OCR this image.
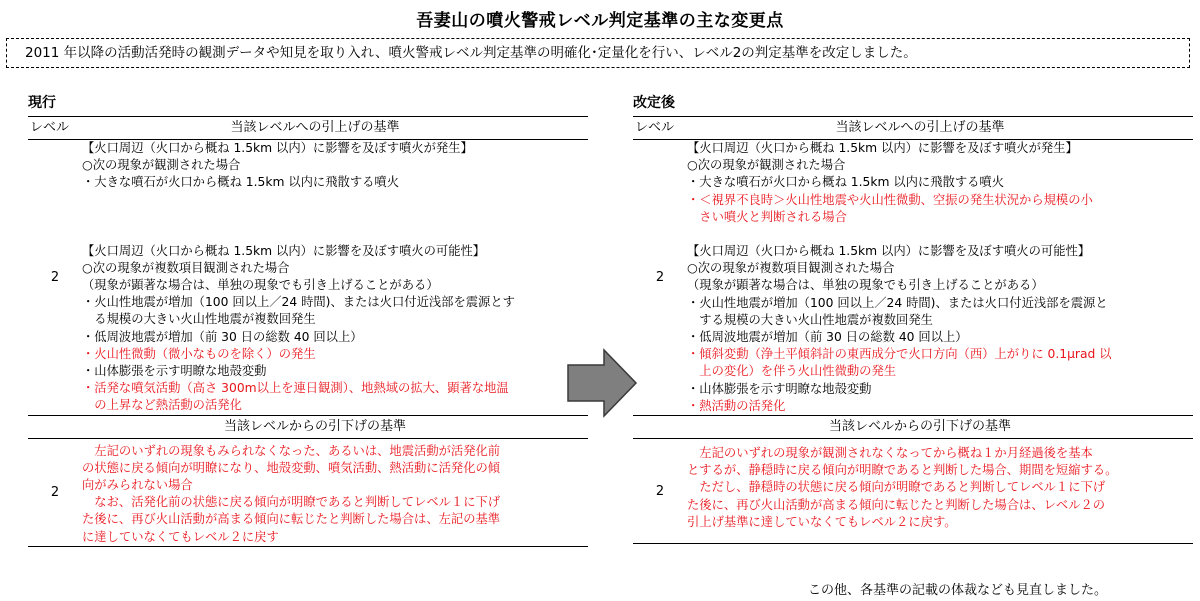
吾妻山の噴火警戒レベル判定基準の主な変更点
2011 年以降の活動活発時の観測データや知見を取り入れ、噴火警戒レベル判定基準の明確化･定量化を行い、レベル2の判定基準を改定しました。
現行
レベル	当該レベルへの引上げの基準
2
【火口周辺（火口から概ね 1.5km 以内）に影響を及ぼす噴火が発生】
○次の現象が観測された場合
・大きな噴石が火口から概ね 1.5km 以内に飛散する噴火
【火口周辺（火口から概ね 1.5km 以内）に影響を及ぼす噴火の可能性】
○次の現象が複数項目観測された場合
（現象が顕著な場合は、単独の現象でも引き上げることがある）
・火山性地震が増加（100 回以上／24 時間)、または火口付近浅部を震源とす
　る規模の大きい火山性地震が複数回発生
・低周波地震が増加（前 30 日の総数 40 回以上）
・火山性微動（微小なものを除く）の発生
・山体膨張を示す明瞭な地殻変動
・活発な噴気活動（高さ 300m以上を連日観測）、地熱域の拡大、顕著な地温
　の上昇など熱活動の活発化
当該レベルからの引下げの基準
2
　左記のいずれの現象もみられなくなった、あるいは、地震活動が活発化前
の状態に戻る傾向が明瞭になり、地殻変動、噴気活動、熱活動に活発化の傾
向がみられない場合
　なお、活発化前の状態に戻る傾向が明瞭であると判断してレベル１に下げ
た後に、再び火山活動が高まる傾向に転じたと判断した場合は、左記の基準
に達していなくてもレベル２に戻す
改定後
レベル	当該レベルへの引上げの基準
2
【火口周辺（火口から概ね 1.5km 以内）に影響を及ぼす噴火が発生】
○次の現象が観測された場合
・大きな噴石が火口から概ね 1.5km 以内に飛散する噴火
・＜視界不良時＞火山性地震や火山性微動、空振の発生状況から規模の小
　さい噴火と判断される場合
【火口周辺（火口から概ね 1.5km 以内）に影響を及ぼす噴火の可能性】
○次の現象が複数項目観測された場合
（現象が顕著な場合は、単独の現象でも引き上げることがある）
・火山性地震が増加（100 回以上／24 時間)、または火口付近浅部を震源と
　する規模の大きい火山性地震が複数回発生
・低周波地震が増加（前 30 日の総数 40 回以上）
・傾斜変動（浄土平傾斜計の東西成分で火口方向（西）上がりに 0.1μrad 以
　上の変化）を伴う火山性微動の発生
・山体膨張を示す明瞭な地殻変動
・熱活動の活発化
当該レベルからの引下げの基準
2
　左記のいずれの現象が観測されなくなってから概ね１か月経過後を基本
とするが、静穏時に戻る傾向が明瞭であると判断した場合、期間を短縮する。
　ただし、静穏時の状態に戻る傾向が明瞭であると判断してレベル１に下げ
た後に、再び火山活動が高まる傾向に転じたと判断した場合は、レベル２の
引上げ基準に達していなくてもレベル２に戻す。
この他、各基準の記載の体裁なども見直しました。
